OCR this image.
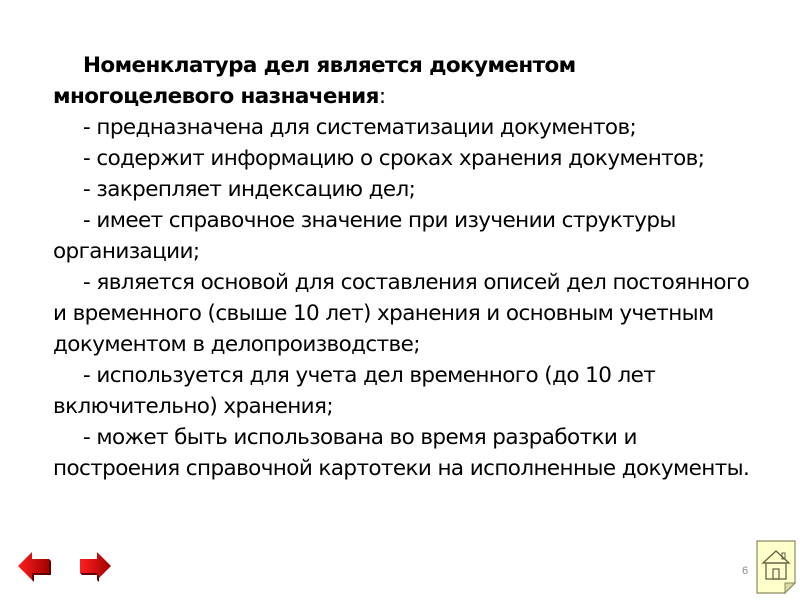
Номенклатура дел является документом многоцелевого назначения:

- предназначена для систематизации документов;

- содержит информацию о сроках хранения документов;

- закрепляет индексацию дел;

- имеет справочное значение при изучении структуры организации;

- является основой для составления описей дел постоянного и временного (свыше 10 лет) хранения и основным учетным документом в делопроизводстве;

- используется для учета дел временного (до 10 лет включительно) хранения;

- может быть использована во время разработки и построения справочной картотеки на исполненные документы.

6
